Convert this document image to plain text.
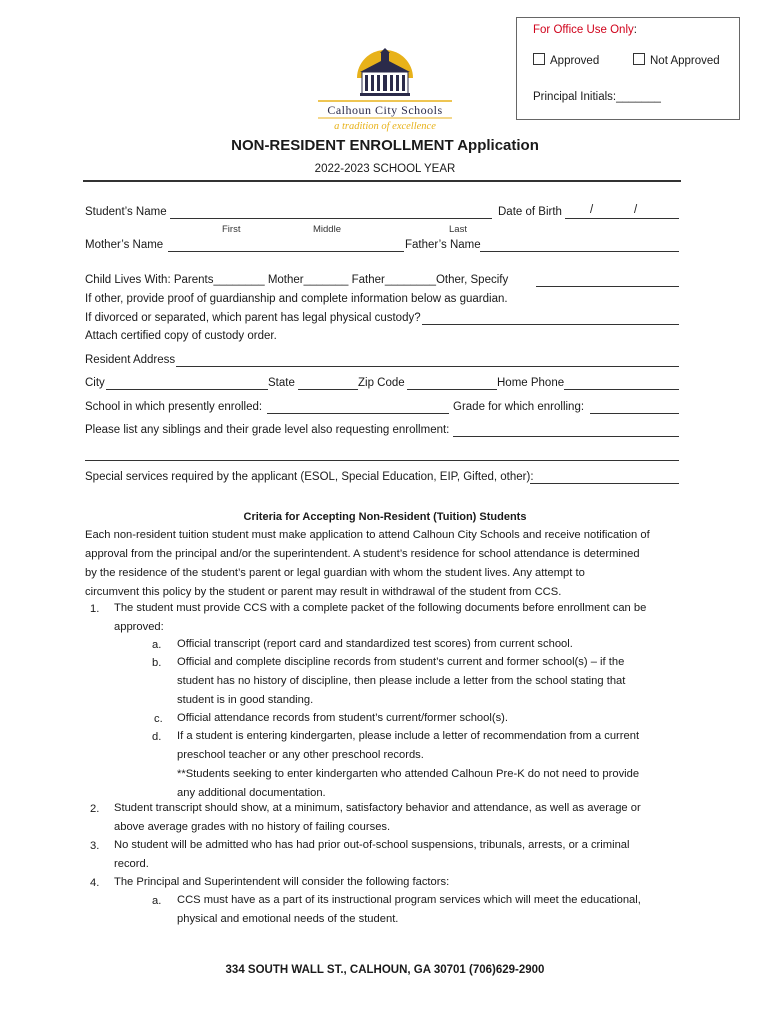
For Office Use Only:
Approved	Not Approved
Principal Initials:_______
Calhoun City Schools
a tradition of excellence
NON-RESIDENT ENROLLMENT Application
2022-2023 SCHOOL YEAR
Student’s Name	Date of Birth /	/
First	Middle	Last
Mother’s Name	Father’s Name
Child Lives With: Parents________ Mother_______ Father________Other, Specify
If other, provide proof of guardianship and complete information below as guardian.
If divorced or separated, which parent has legal physical custody?
Attach certified copy of custody order.
Resident Address
City	State	Zip Code	Home Phone
School in which presently enrolled:	Grade for which enrolling:
Please list any siblings and their grade level also requesting enrollment:
Special services required by the applicant (ESOL, Special Education, EIP, Gifted, other):
Criteria for Accepting Non-Resident (Tuition) Students
Each non-resident tuition student must make application to attend Calhoun City Schools and receive notification of
approval from the principal and/or the superintendent. A student’s residence for school attendance is determined
by the residence of the student’s parent or legal guardian with whom the student lives. Any attempt to
circumvent this policy by the student or parent may result in withdrawal of the student from CCS.
1. The student must provide CCS with a complete packet of the following documents before enrollment can be
approved:
a. Official transcript (report card and standardized test scores) from current school.
b. Official and complete discipline records from student’s current and former school(s) – if the
student has no history of discipline, then please include a letter from the school stating that
student is in good standing.
c. Official attendance records from student’s current/former school(s).
d. If a student is entering kindergarten, please include a letter of recommendation from a current
preschool teacher or any other preschool records.
**Students seeking to enter kindergarten who attended Calhoun Pre-K do not need to provide
any additional documentation.
2. Student transcript should show, at a minimum, satisfactory behavior and attendance, as well as average or
above average grades with no history of failing courses.
3. No student will be admitted who has had prior out-of-school suspensions, tribunals, arrests, or a criminal
record.
4. The Principal and Superintendent will consider the following factors:
a. CCS must have as a part of its instructional program services which will meet the educational,
physical and emotional needs of the student.
334 SOUTH WALL ST., CALHOUN, GA 30701 (706)629-2900
